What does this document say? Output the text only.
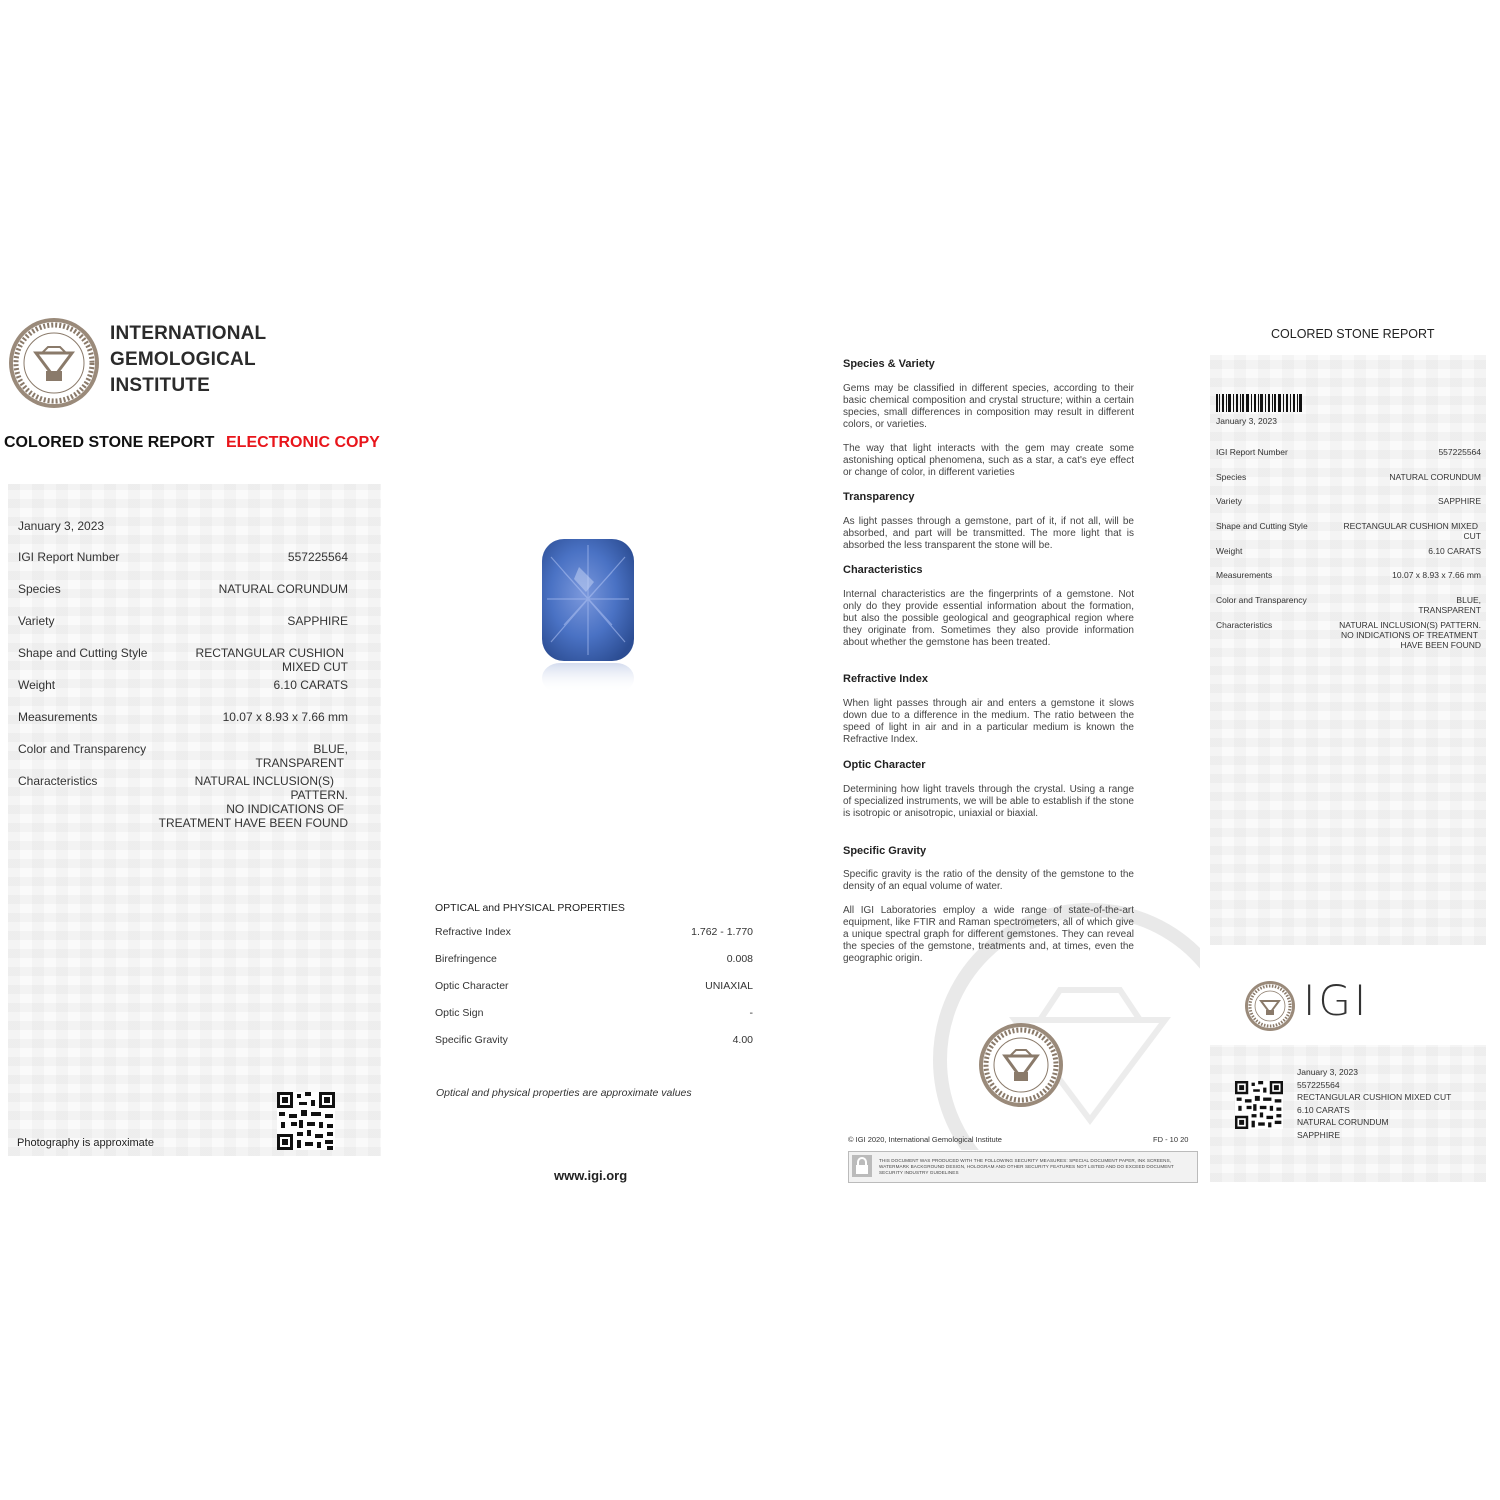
INTERNATIONAL
GEMOLOGICAL
INSTITUTE
COLORED STONE REPORT ELECTRONIC COPY
January 3, 2023
IGI Report Number	557225564
Species	NATURAL CORUNDUM
Variety	SAPPHIRE
Shape and Cutting Style	RECTANGULAR CUSHION
MIXED CUT
Weight	6.10 CARATS
Measurements	10.07 x 8.93 x 7.66 mm
Color and Transparency	BLUE,
TRANSPARENT
Characteristics	NATURAL INCLUSION(S)
PATTERN.
NO INDICATIONS OF
TREATMENT HAVE BEEN FOUND
Photography is approximate
OPTICAL and PHYSICAL PROPERTIES
Refractive Index	1.762 - 1.770
Birefringence	0.008
Optic Character	UNIAXIAL
Optic Sign	-
Specific Gravity	4.00
Optical and physical properties are approximate values
www.igi.org
Species & Variety
Gems may be classified in different species, according to their basic chemical composition and crystal structure; within a certain species, small differences in composition may result in different colors, or varieties.
The way that light interacts with the gem may create some astonishing optical phenomena, such as a star, a cat's eye effect or change of color, in different varieties
Transparency
As light passes through a gemstone, part of it, if not all, will be absorbed, and part will be transmitted. The more light that is absorbed the less transparent the stone will be.
Characteristics
Internal characteristics are the fingerprints of a gemstone. Not only do they provide essential information about the formation, but also the possible geological and geographical region where they originate from. Sometimes they also provide information about whether the gemstone has been treated.
Refractive Index
When light passes through air and enters a gemstone it slows down due to a difference in the medium. The ratio between the speed of light in air and in a particular medium is known the Refractive Index.
Optic Character
Determining how light travels through the crystal. Using a range of specialized instruments, we will be able to establish if the stone is isotropic or anisotropic, uniaxial or biaxial.
Specific Gravity
Specific gravity is the ratio of the density of the gemstone to the density of an equal volume of water.
All IGI Laboratories employ a wide range of state-of-the-art equipment, like FTIR and Raman spectrometers, all of which give a unique spectral graph for different gemstones. They can reveal the species of the gemstone, treatments and, at times, even the geographic origin.
© IGI 2020, International Gemological Institute	FD - 10 20
THIS DOCUMENT WAS PRODUCED WITH THE FOLLOWING SECURITY MEASURES: SPECIAL DOCUMENT PAPER, INK SCREENS, WATERMARK BACKGROUND DESIGN, HOLOGRAM AND OTHER SECURITY FEATURES NOT LISTED AND DO EXCEED DOCUMENT SECURITY INDUSTRY GUIDELINES
COLORED STONE REPORT
January 3, 2023
IGI Report Number	557225564
Species	NATURAL CORUNDUM
Variety	SAPPHIRE
Shape and Cutting Style	RECTANGULAR CUSHION MIXED
CUT
Weight	6.10 CARATS
Measurements	10.07 x 8.93 x 7.66 mm
Color and Transparency	BLUE,
TRANSPARENT
Characteristics	NATURAL INCLUSION(S) PATTERN.
NO INDICATIONS OF TREATMENT
HAVE BEEN FOUND
IGI
January 3, 2023
557225564
RECTANGULAR CUSHION MIXED CUT
6.10 CARATS
NATURAL CORUNDUM
SAPPHIRE
